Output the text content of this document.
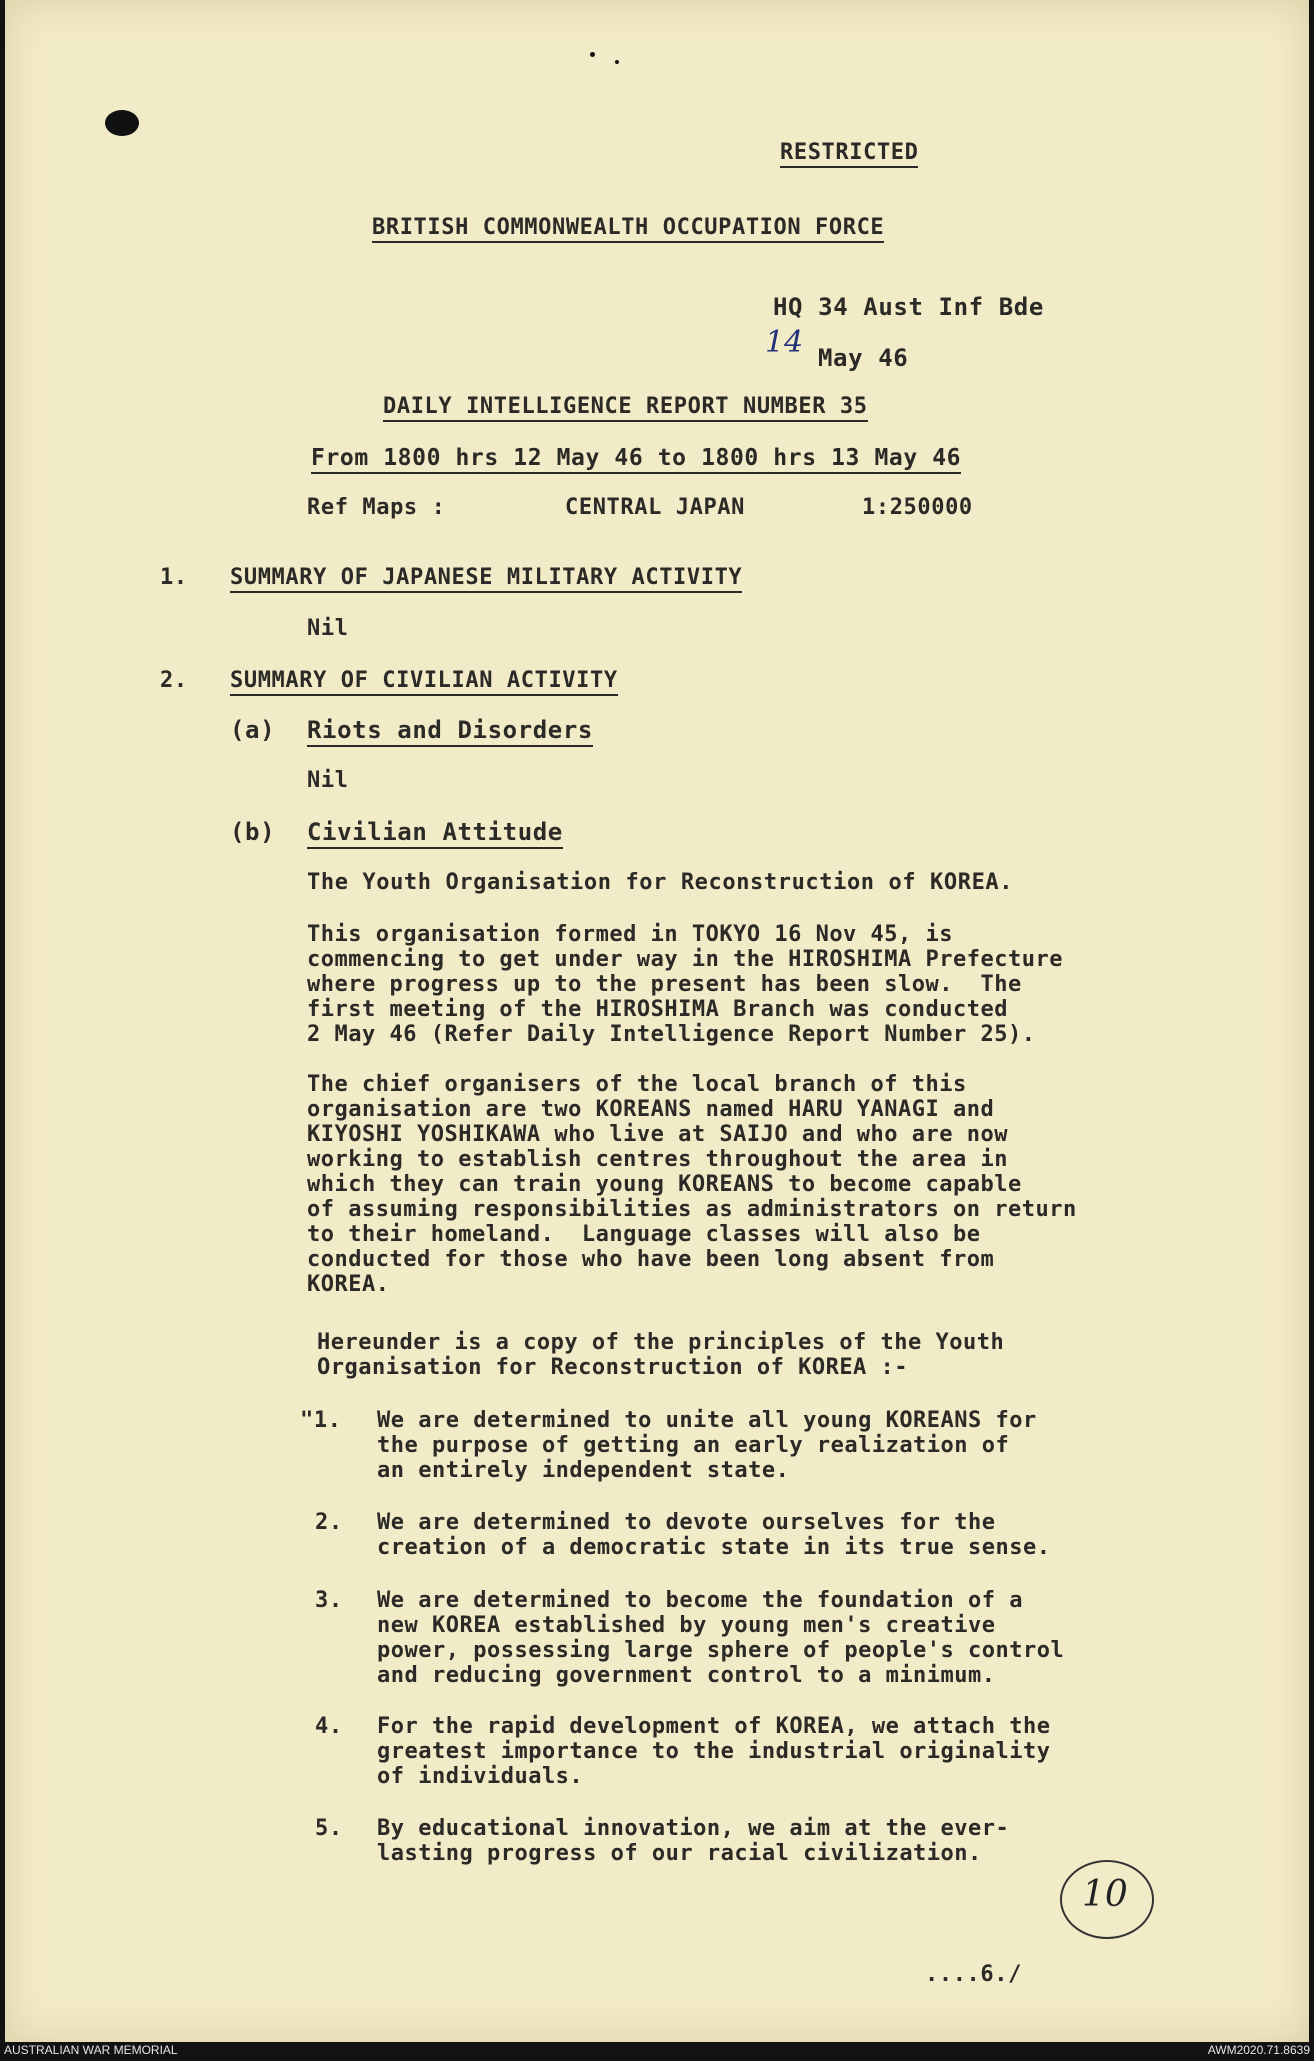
RESTRICTED
BRITISH COMMONWEALTH OCCUPATION FORCE
HQ 34 Aust Inf Bde
14 May 46
DAILY INTELLIGENCE REPORT NUMBER 35
From 1800 hrs 12 May 46 to 1800 hrs 13 May 46
Ref Maps :	CENTRAL JAPAN	1:250000
1. SUMMARY OF JAPANESE MILITARY ACTIVITY
Nil
2. SUMMARY OF CIVILIAN ACTIVITY
(a) Riots and Disorders
Nil
(b) Civilian Attitude
The Youth Organisation for Reconstruction of KOREA.
This organisation formed in TOKYO 16 Nov 45, is
commencing to get under way in the HIROSHIMA Prefecture
where progress up to the present has been slow.  The
first meeting of the HIROSHIMA Branch was conducted
2 May 46 (Refer Daily Intelligence Report Number 25).
The chief organisers of the local branch of this
organisation are two KOREANS named HARU YANAGI and
KIYOSHI YOSHIKAWA who live at SAIJO and who are now
working to establish centres throughout the area in
which they can train young KOREANS to become capable
of assuming responsibilities as administrators on return
to their homeland.  Language classes will also be
conducted for those who have been long absent from
KOREA.
Hereunder is a copy of the principles of the Youth
Organisation for Reconstruction of KOREA :-
"1. We are determined to unite all young KOREANS for
the purpose of getting an early realization of
an entirely independent state.
2. We are determined to devote ourselves for the
creation of a democratic state in its true sense.
3. We are determined to become the foundation of a
new KOREA established by young men's creative
power, possessing large sphere of people's control
and reducing government control to a minimum.
4. For the rapid development of KOREA, we attach the
greatest importance to the industrial originality
of individuals.
5. By educational innovation, we aim at the ever-
lasting progress of our racial civilization.
10
....6./
AUSTRALIAN WAR MEMORIAL	AWM2020.71.8639
